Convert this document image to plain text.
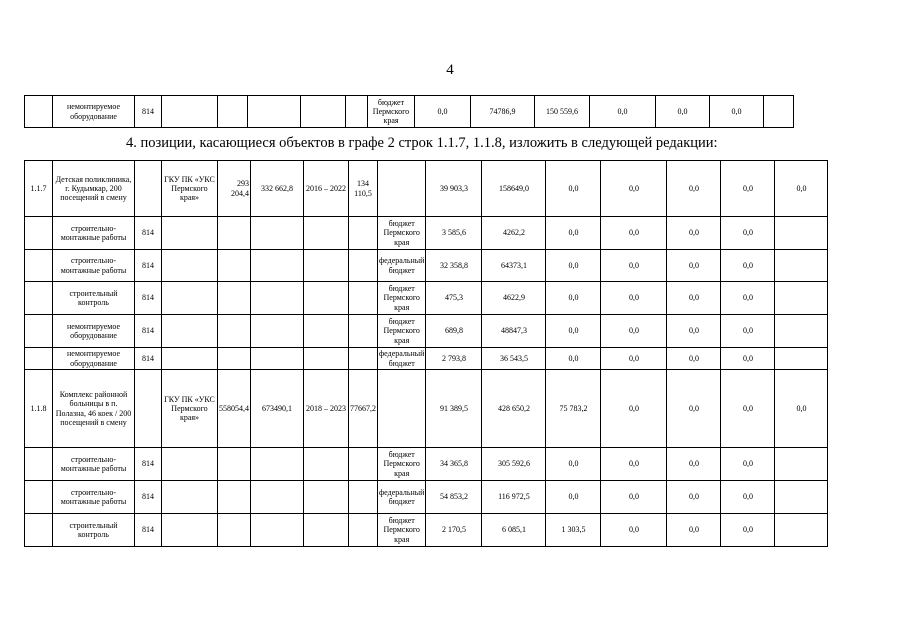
4
	немонтируемое оборудование	814						бюджет Пермского края	0,0	74786,9	150 559,6	0,0	0,0	0,0	
4. позиции, касающиеся объектов в графе 2 строк 1.1.7, 1.1.8, изложить в следующей редакции:
1.1.7	Детская поликлиника, г. Кудымкар, 200 посещений в смену		ГКУ ПК «УКС Пермского края»	293 204,4	332 662,8	2016 – 2022	134 110,5		39 903,3	158649,0	0,0	0,0	0,0	0,0	0,0
	строительно-монтажные работы	814						бюджет Пермского края	3 585,6	4262,2	0,0	0,0	0,0	0,0	
	строительно-монтажные работы	814						федеральный бюджет	32 358,8	64373,1	0,0	0,0	0,0	0,0	
	строительный контроль	814						бюджет Пермского края	475,3	4622,9	0,0	0,0	0,0	0,0	
	немонтируемое оборудование	814						бюджет Пермского края	689,8	48847,3	0,0	0,0	0,0	0,0	
	немонтируемое оборудование	814						федеральный бюджет	2 793,8	36 543,5	0,0	0,0	0,0	0,0	
1.1.8	Комплекс районной больницы в п. Полазна, 46 коек / 200 посещений в смену		ГКУ ПК «УКС Пермского края»	558054,4	673490,1	2018 – 2023	77667,2		91 389,5	428 650,2	75 783,2	0,0	0,0	0,0	0,0
	строительно-монтажные работы	814						бюджет Пермского края	34 365,8	305 592,6	0,0	0,0	0,0	0,0	
	строительно-монтажные работы	814						федеральный бюджет	54 853,2	116 972,5	0,0	0,0	0,0	0,0	
	строительный контроль	814						бюджет Пермского края	2 170,5	6 085,1	1 303,5	0,0	0,0	0,0	
